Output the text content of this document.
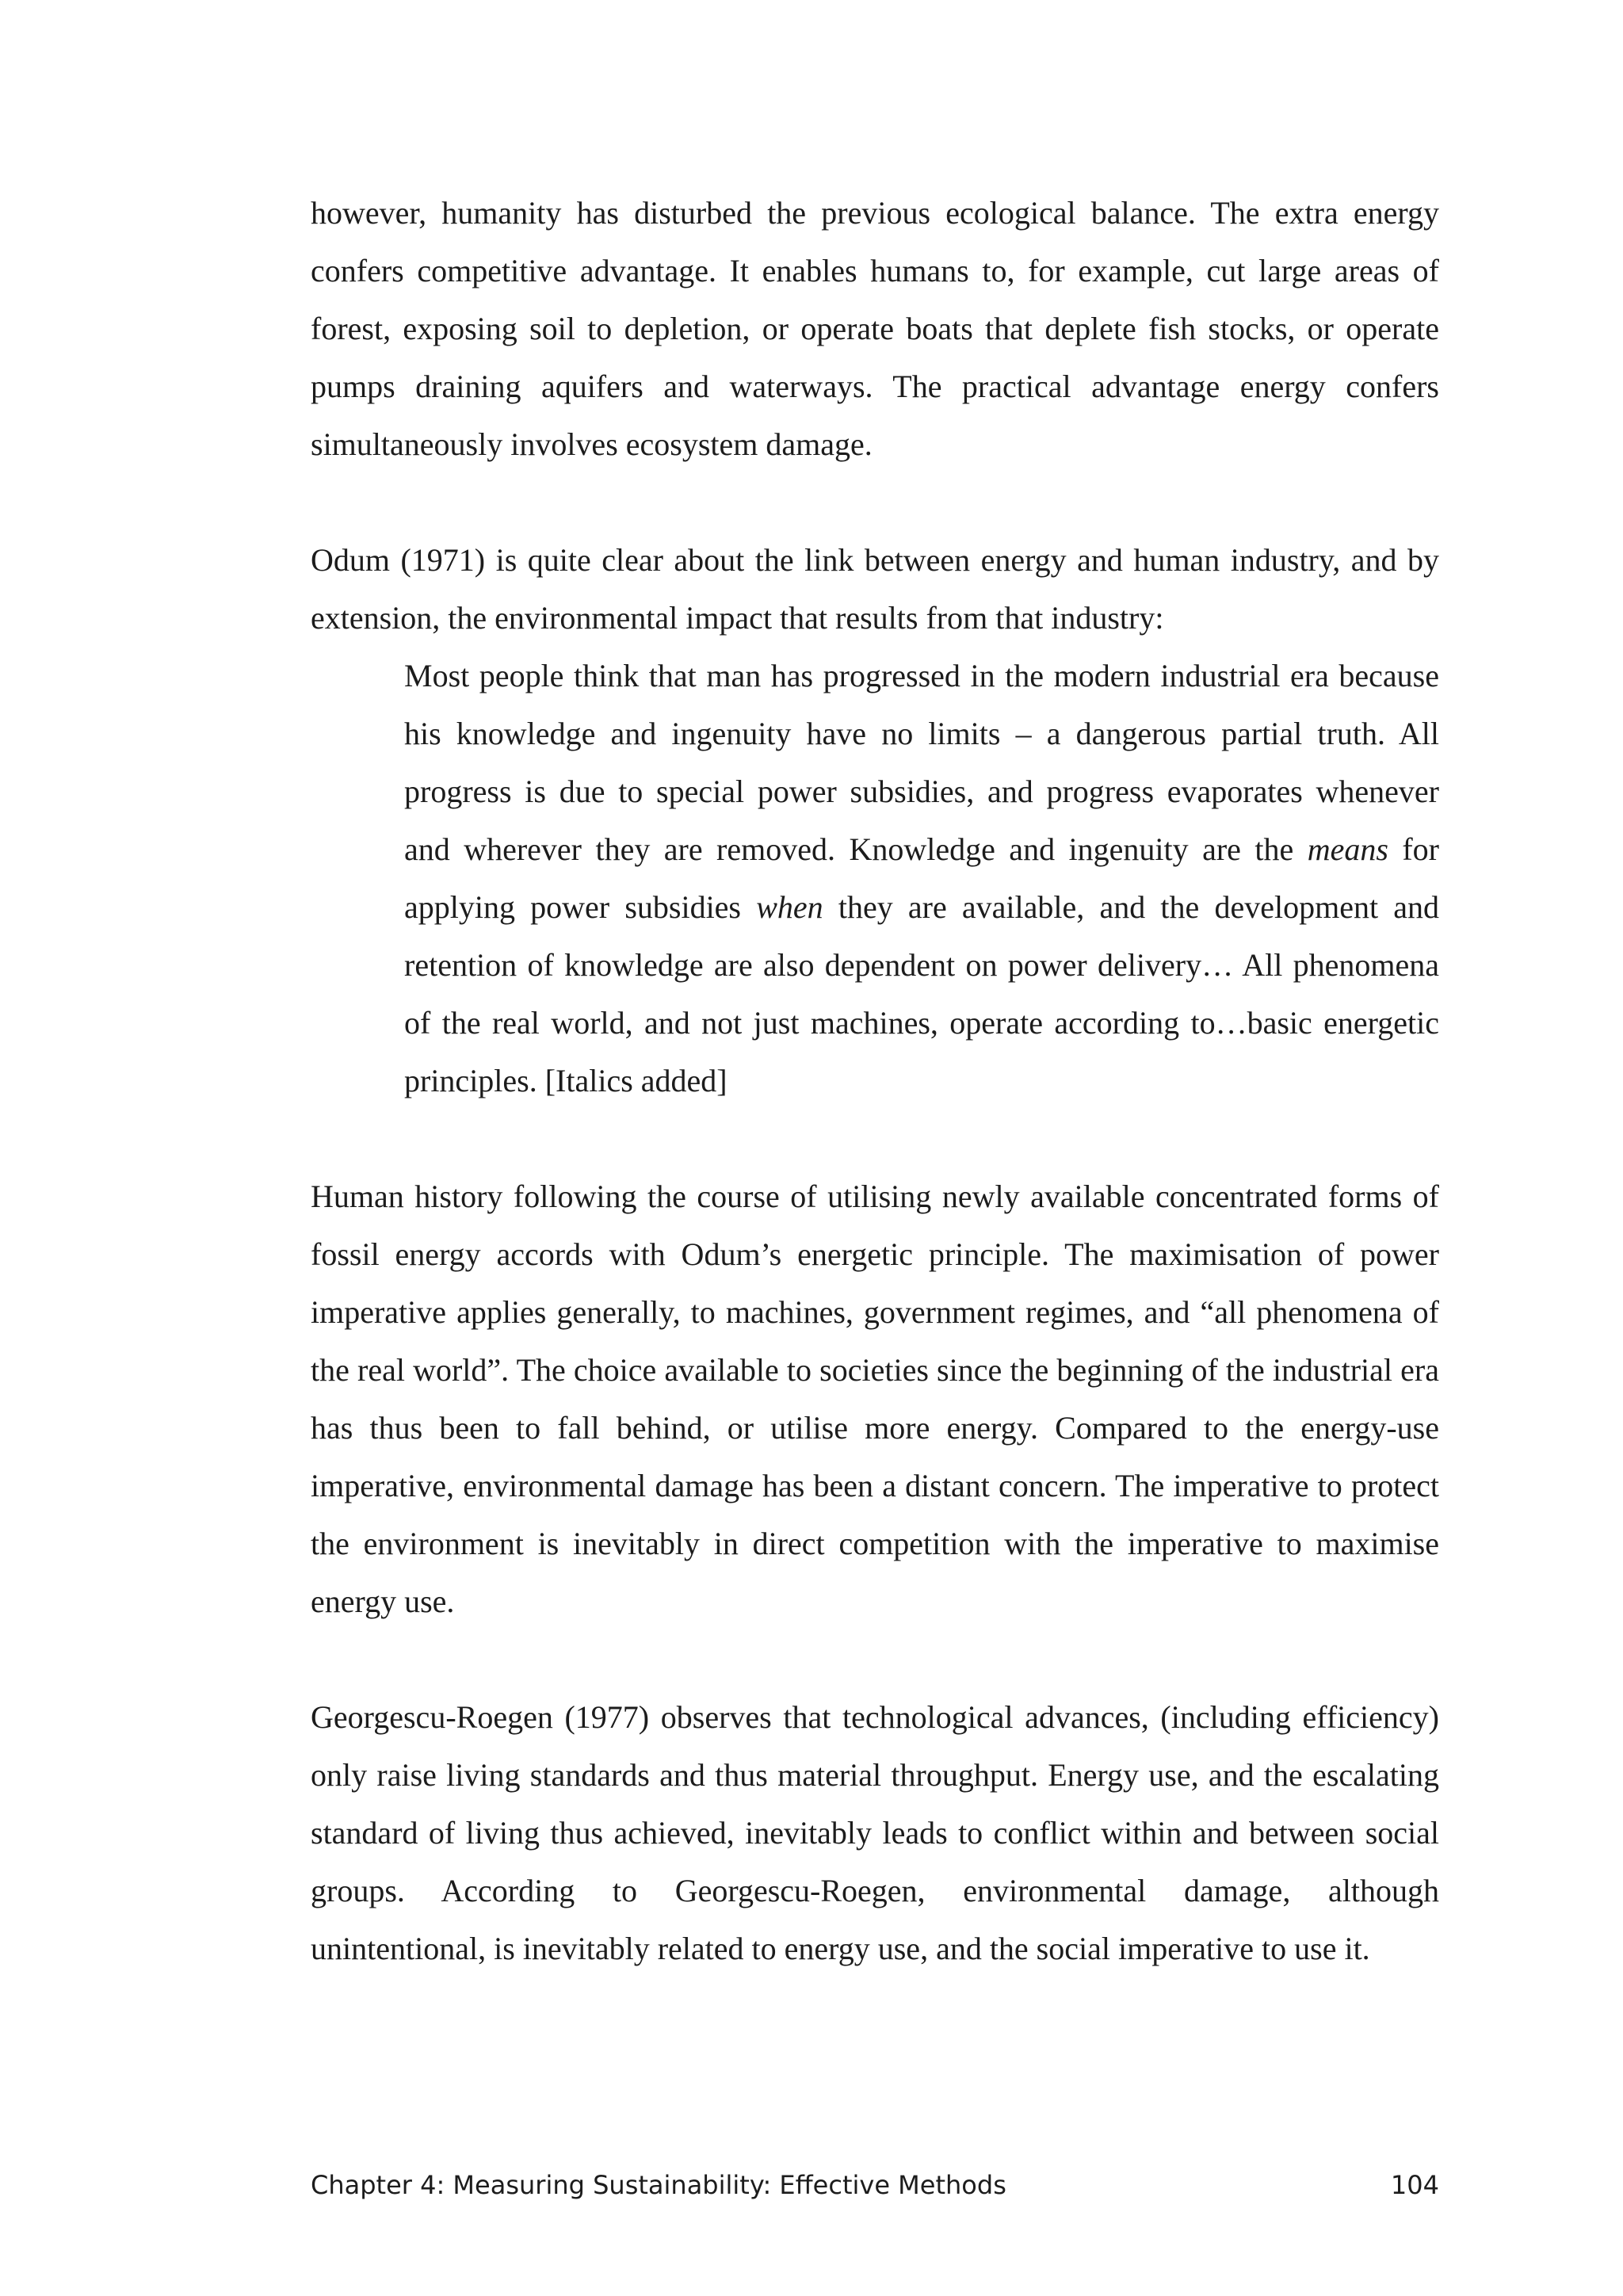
however, humanity has disturbed the previous ecological balance. The extra energy confers competitive advantage. It enables humans to, for example, cut large areas of forest, exposing soil to depletion, or operate boats that deplete fish stocks, or operate pumps draining aquifers and waterways. The practical advantage energy confers simultaneously involves ecosystem damage.

Odum (1971) is quite clear about the link between energy and human industry, and by extension, the environmental impact that results from that industry:

Most people think that man has progressed in the modern industrial era because his knowledge and ingenuity have no limits – a dangerous partial truth. All progress is due to special power subsidies, and progress evaporates whenever and wherever they are removed. Knowledge and ingenuity are the means for applying power subsidies when they are available, and the development and retention of knowledge are also dependent on power delivery… All phenomena of the real world, and not just machines, operate according to…basic energetic principles. [Italics added]

Human history following the course of utilising newly available concentrated forms of fossil energy accords with Odum’s energetic principle. The maximisation of power imperative applies generally, to machines, government regimes, and “all phenomena of the real world”. The choice available to societies since the beginning of the industrial era has thus been to fall behind, or utilise more energy. Compared to the energy-use imperative, environmental damage has been a distant concern. The imperative to protect the environment is inevitably in direct competition with the imperative to maximise energy use.

Georgescu-Roegen (1977) observes that technological advances, (including efficiency) only raise living standards and thus material throughput. Energy use, and the escalating standard of living thus achieved, inevitably leads to conflict within and between social groups. According to Georgescu-Roegen, environmental damage, although unintentional, is inevitably related to energy use, and the social imperative to use it.

Chapter 4: Measuring Sustainability: Effective Methods	104
